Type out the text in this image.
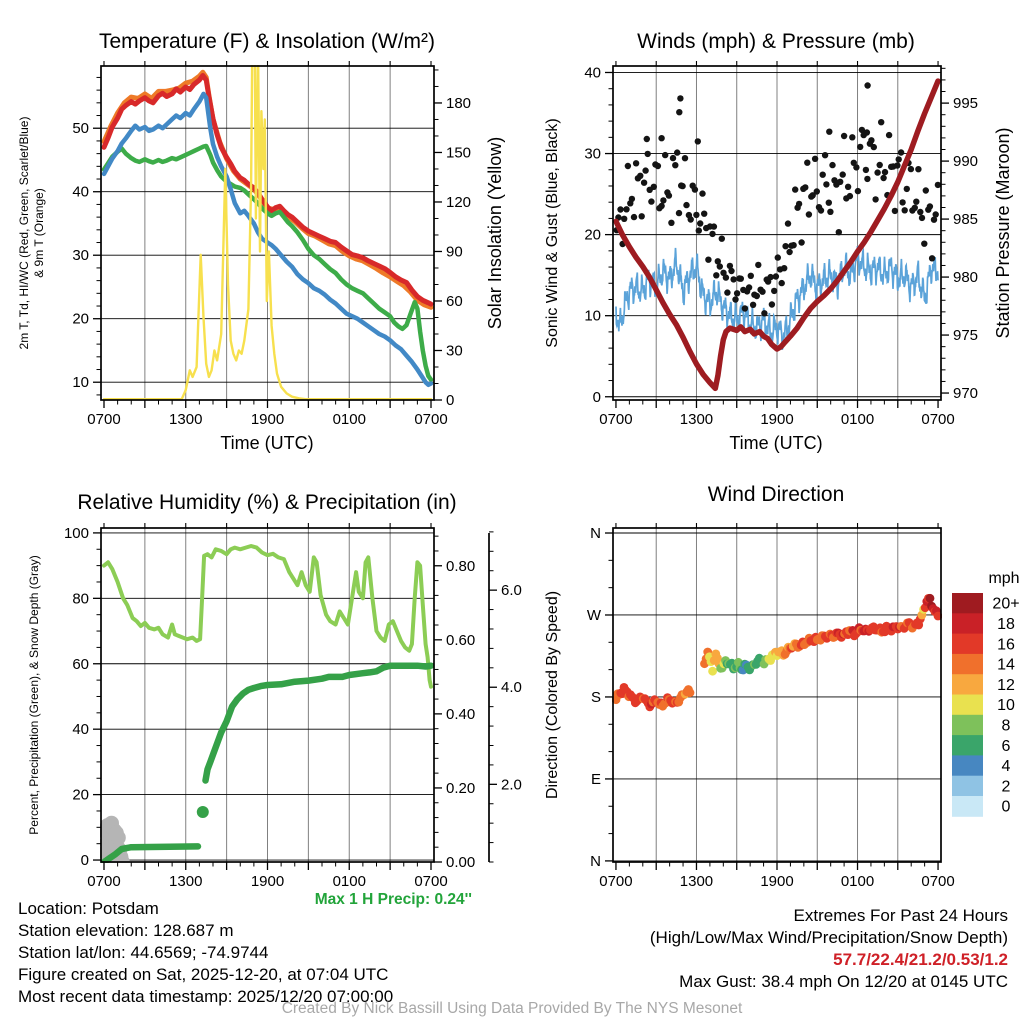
0700	1300	1900	0100	0700
10
20
30
40
50
0
30
60
90
120
150
180
0700	1300	1900	0100	0700
0
10
20
30
40
970
975
980
985
990
995
0700	1300	1900	0100	0700
0
20
40
60
80
100
0.00
0.20
0.40
0.60
0.80
2.0
4.0
6.0
0700	1300	1900	0100	0700
N
E
S
W
N
20+
18
16
14
12
10
8
6
4
2
0
Temperature (F) & Insolation (W/m²)	Winds (mph) & Pressure (mb)
Relative Humidity (%) & Precipitation (in)	Wind Direction
Time (UTC)	Time (UTC)
2m T, Td, HI/WC (Red, Green, Scarlet/Blue) & 9m T (Orange)	Solar Insolation (Yellow) Sonic Wind & Gust (Blue, Black)	Station Pressure (Maroon)
Percent, Precipitation (Green), & Snow Depth (Gray)	Direction (Colored By Speed)
mph
Max 1 H Precip: 0.24''
Location: Potsdam
Station elevation: 128.687 m
Station lat/lon: 44.6569; -74.9744
Figure created on Sat, 2025-12-20, at 07:04 UTC
Most recent data timestamp: 2025/12/20 07:00:00
Extremes For Past 24 Hours
(High/Low/Max Wind/Precipitation/Snow Depth)
57.7/22.4/21.2/0.53/1.2
Max Gust: 38.4 mph On 12/20 at 0145 UTC
Created By Nick Bassill Using Data Provided By The NYS Mesonet
